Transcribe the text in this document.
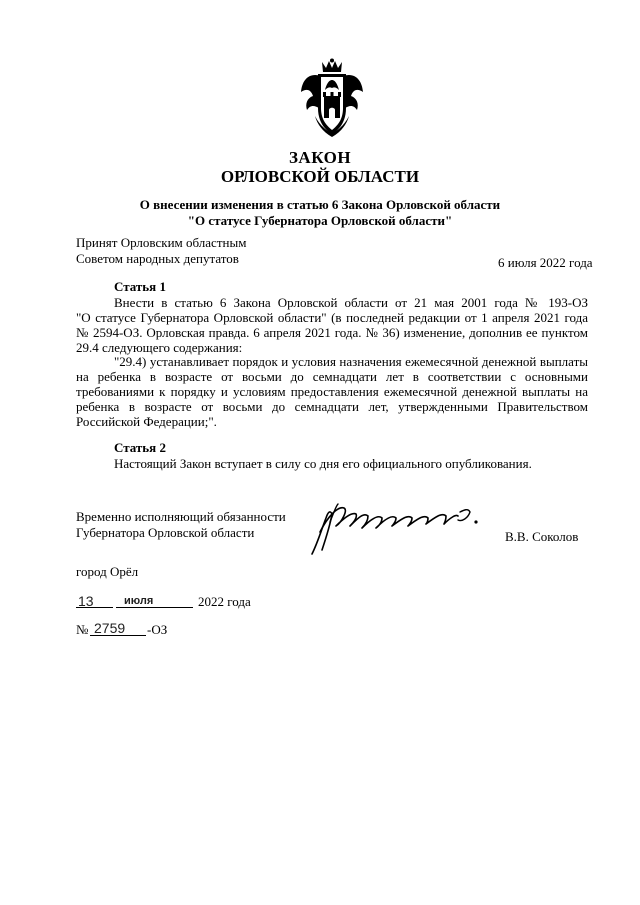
ЗАКОН
ОРЛОВСКОЙ ОБЛАСТИ
О внесении изменения в статью 6 Закона Орловской области
"О статусе Губернатора Орловской области"
Принят Орловским областным
Советом народных депутатов	6 июля 2022 года
Статья 1
Внести в статью 6 Закона Орловской области от 21 мая 2001 года № 193-ОЗ
"О статусе Губернатора Орловской области" (в последней редакции от 1 апреля 2021 года № 2594-ОЗ. Орловская правда. 6 апреля 2021 года. № 36) изменение, дополнив ее пунктом 29.4 следующего содержания:
"29.4) устанавливает порядок и условия назначения ежемесячной денежной выплаты
на ребенка в возрасте от восьми до семнадцати лет в соответствии с основными требованиями к порядку и условиям предоставления ежемесячной денежной выплаты на ребенка в возрасте от восьми до семнадцати лет, утвержденными Правительством Российской Федерации;".
Статья 2
Настоящий Закон вступает в силу со дня его официального опубликования.
Временно исполняющий обязанности
Губернатора Орловской области	В.В. Соколов
город Орёл
13	июля	2022 года
№ 2759 -ОЗ
